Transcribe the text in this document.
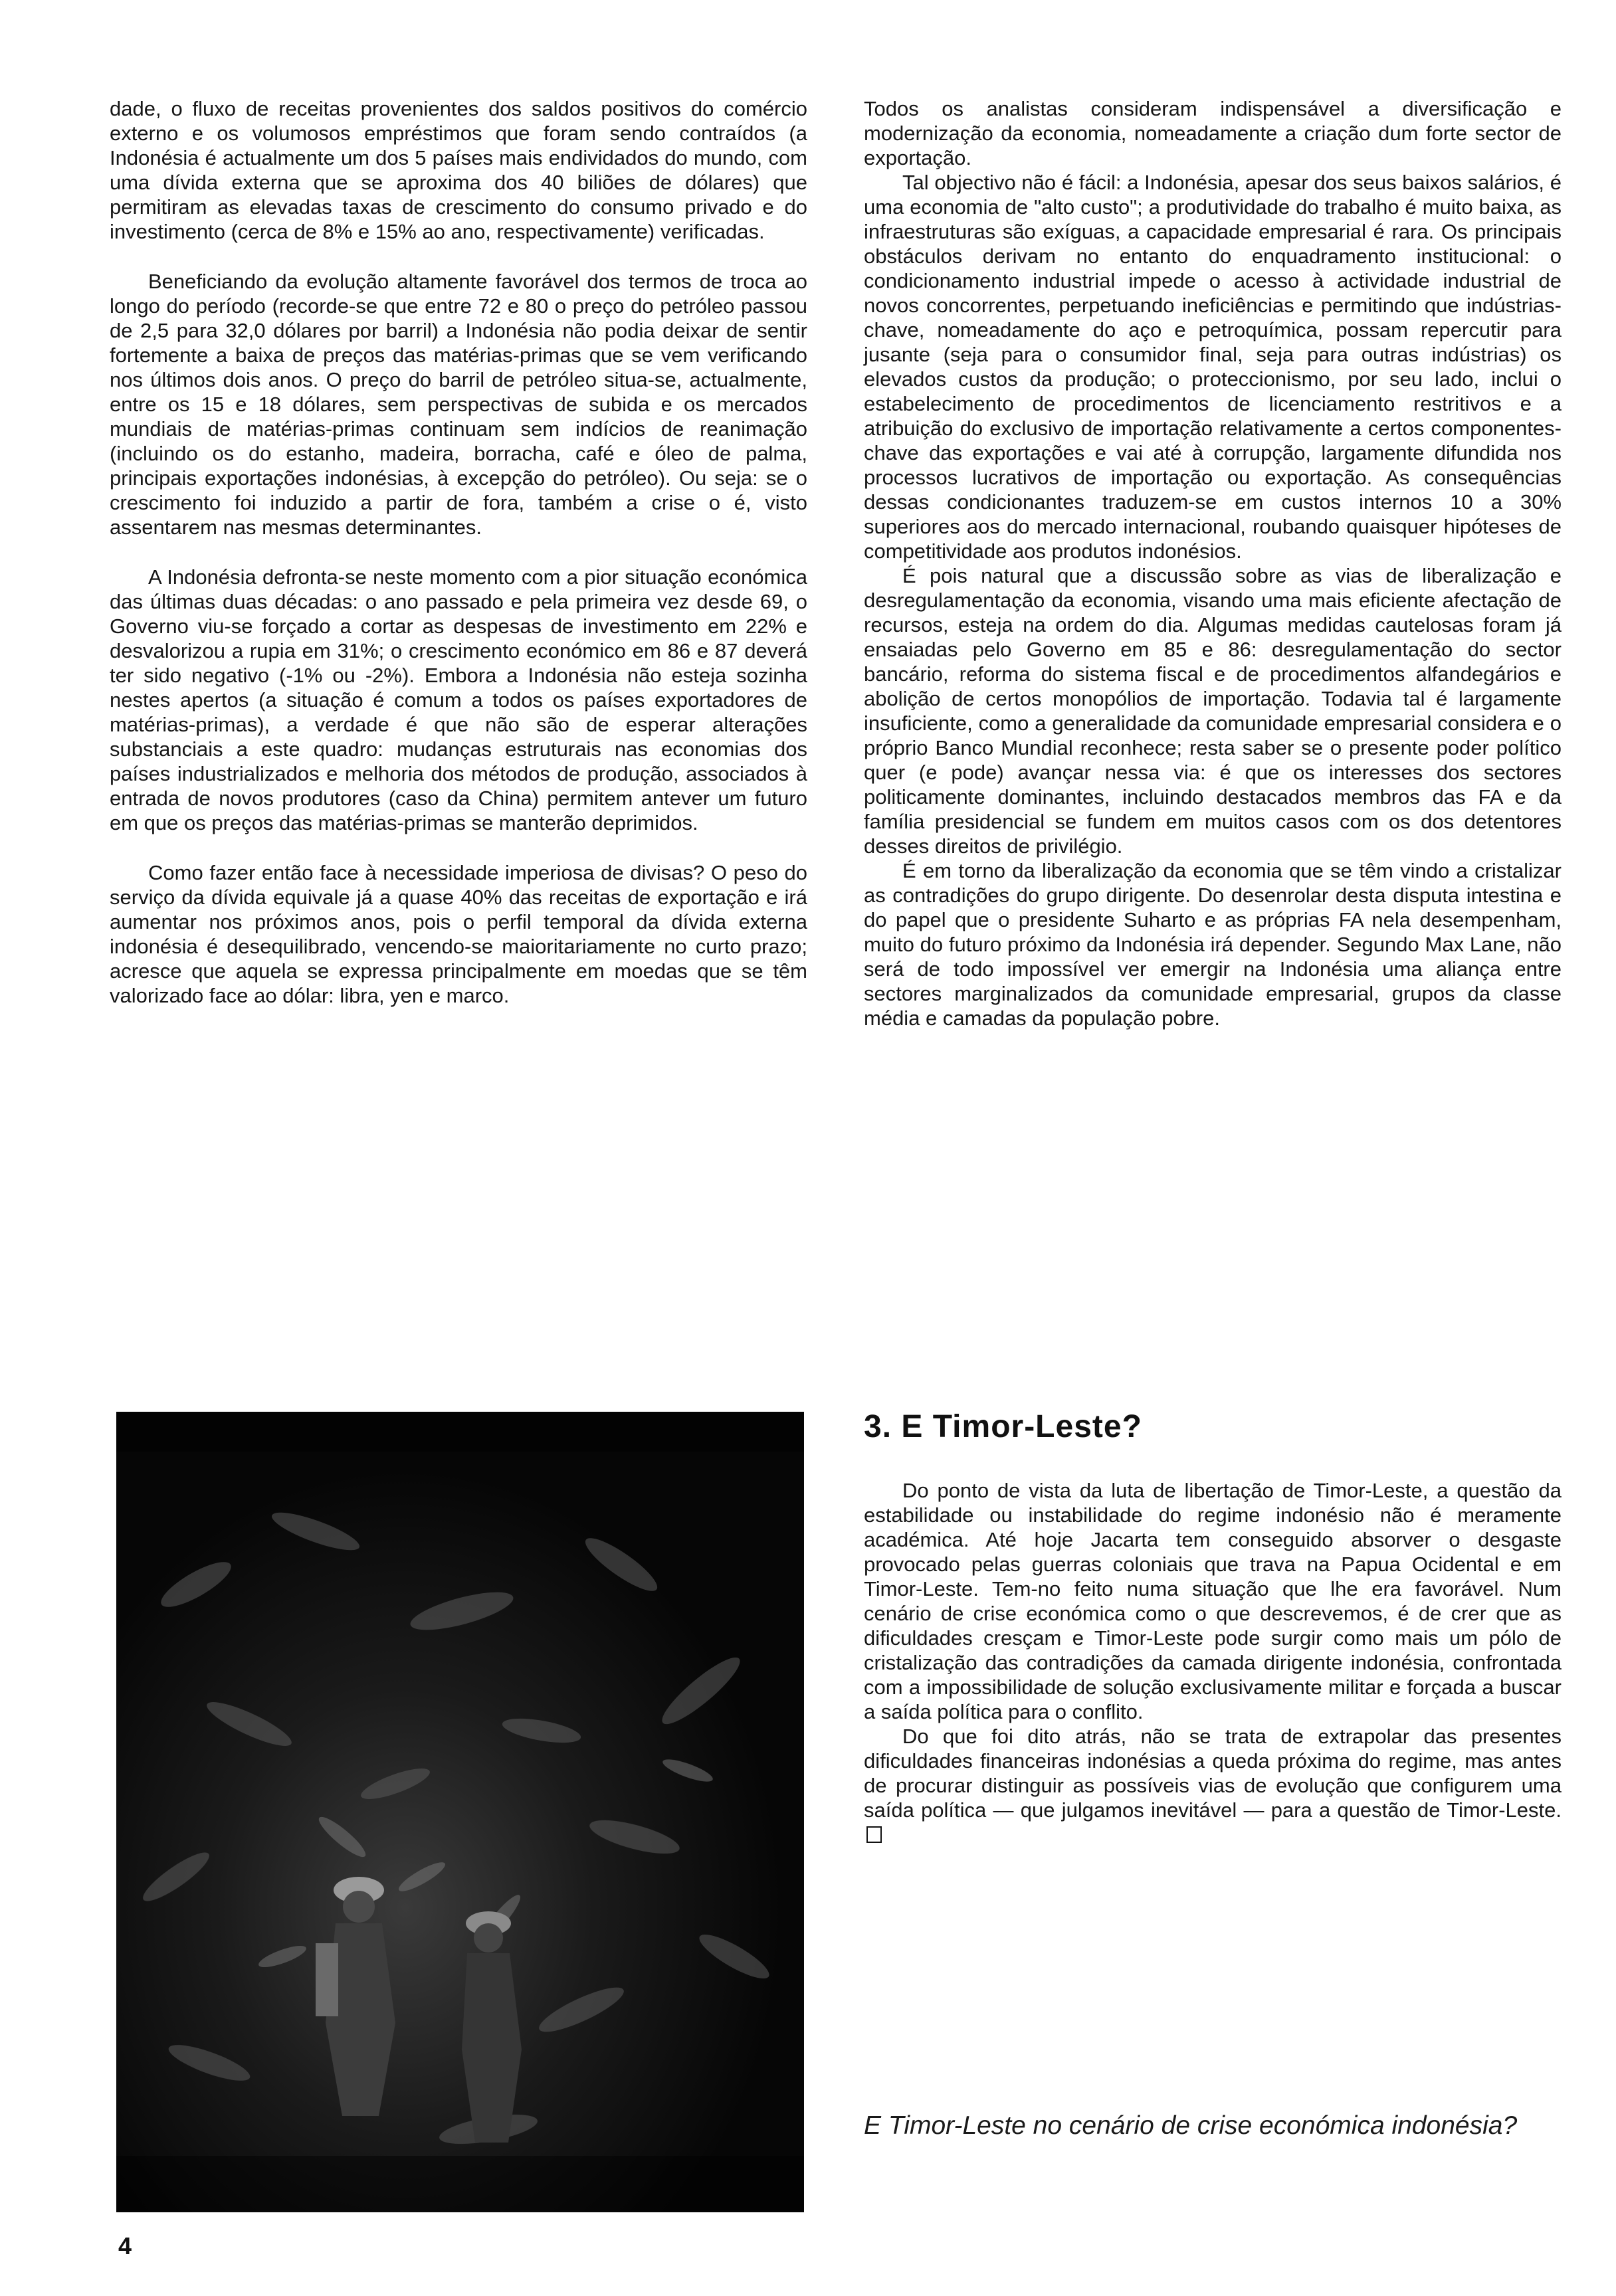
dade, o fluxo de receitas provenientes dos saldos positivos do comércio externo e os volumosos empréstimos que foram sendo contraídos (a Indonésia é actualmente um dos 5 países mais endividados do mundo, com uma dívida externa que se aproxima dos 40 biliões de dólares) que permitiram as elevadas taxas de crescimento do consumo privado e do investimento (cerca de 8% e 15% ao ano, respectivamente) verificadas.

Beneficiando da evolução altamente favorável dos termos de troca ao longo do período (recorde-se que entre 72 e 80 o preço do petróleo passou de 2,5 para 32,0 dólares por barril) a Indonésia não podia deixar de sentir fortemente a baixa de preços das matérias-primas que se vem verificando nos últimos dois anos. O preço do barril de petróleo situa-se, actualmente, entre os 15 e 18 dólares, sem perspectivas de subida e os mercados mundiais de matérias-primas continuam sem indícios de reanimação (incluindo os do estanho, madeira, borracha, café e óleo de palma, principais exportações indonésias, à excepção do petróleo). Ou seja: se o crescimento foi induzido a partir de fora, também a crise o é, visto assentarem nas mesmas determinantes.

A Indonésia defronta-se neste momento com a pior situação económica das últimas duas décadas: o ano passado e pela primeira vez desde 69, o Governo viu-se forçado a cortar as despesas de investimento em 22% e desvalorizou a rupia em 31%; o crescimento económico em 86 e 87 deverá ter sido negativo (-1% ou -2%). Embora a Indonésia não esteja sozinha nestes apertos (a situação é comum a todos os países exportadores de matérias-primas), a verdade é que não são de esperar alterações substanciais a este quadro: mudanças estruturais nas economias dos países industrializados e melhoria dos métodos de produção, associados à entrada de novos produtores (caso da China) permitem antever um futuro em que os preços das matérias-primas se manterão deprimidos.

Como fazer então face à necessidade imperiosa de divisas? O peso do serviço da dívida equivale já a quase 40% das receitas de exportação e irá aumentar nos próximos anos, pois o perfil temporal da dívida externa indonésia é desequilibrado, vencendo-se maioritariamente no curto prazo; acresce que aquela se expressa principalmente em moedas que se têm valorizado face ao dólar: libra, yen e marco.

Todos os analistas consideram indispensável a diversificação e modernização da economia, nomeadamente a criação dum forte sector de exportação.

Tal objectivo não é fácil: a Indonésia, apesar dos seus baixos salários, é uma economia de "alto custo"; a produtividade do trabalho é muito baixa, as infraestruturas são exíguas, a capacidade empresarial é rara. Os principais obstáculos derivam no entanto do enquadramento institucional: o condicionamento industrial impede o acesso à actividade industrial de novos concorrentes, perpetuando ineficiências e permitindo que indústrias-chave, nomeadamente do aço e petroquímica, possam repercutir para jusante (seja para o consumidor final, seja para outras indústrias) os elevados custos da produção; o proteccionismo, por seu lado, inclui o estabelecimento de procedimentos de licenciamento restritivos e a atribuição do exclusivo de importação relativamente a certos componentes-chave das exportações e vai até à corrupção, largamente difundida nos processos lucrativos de importação ou exportação. As consequências dessas condicionantes traduzem-se em custos internos 10 a 30% superiores aos do mercado internacional, roubando quaisquer hipóteses de competitividade aos produtos indonésios.

É pois natural que a discussão sobre as vias de liberalização e desregulamentação da economia, visando uma mais eficiente afectação de recursos, esteja na ordem do dia. Algumas medidas cautelosas foram já ensaiadas pelo Governo em 85 e 86: desregulamentação do sector bancário, reforma do sistema fiscal e de procedimentos alfandegários e abolição de certos monopólios de importação. Todavia tal é largamente insuficiente, como a generalidade da comunidade empresarial considera e o próprio Banco Mundial reconhece; resta saber se o presente poder político quer (e pode) avançar nessa via: é que os interesses dos sectores politicamente dominantes, incluindo destacados membros das FA e da família presidencial se fundem em muitos casos com os dos detentores desses direitos de privilégio.

É em torno da liberalização da economia que se têm vindo a cristalizar as contradições do grupo dirigente. Do desenrolar desta disputa intestina e do papel que o presidente Suharto e as próprias FA nela desempenham, muito do futuro próximo da Indonésia irá depender. Segundo Max Lane, não será de todo impossível ver emergir na Indonésia uma aliança entre sectores marginalizados da comunidade empresarial, grupos da classe média e camadas da população pobre.

3. E Timor-Leste?

Do ponto de vista da luta de libertação de Timor-Leste, a questão da estabilidade ou instabilidade do regime indonésio não é meramente académica. Até hoje Jacarta tem conseguido absorver o desgaste provocado pelas guerras coloniais que trava na Papua Ocidental e em Timor-Leste. Tem-no feito numa situação que lhe era favorável. Num cenário de crise económica como o que descrevemos, é de crer que as dificuldades cresçam e Timor-Leste pode surgir como mais um pólo de cristalização das contradições da camada dirigente indonésia, confrontada com a impossibilidade de solução exclusivamente militar e forçada a buscar a saída política para o conflito.

Do que foi dito atrás, não se trata de extrapolar das presentes dificuldades financeiras indonésias a queda próxima do regime, mas antes de procurar distinguir as possíveis vias de evolução que configurem uma saída política — que julgamos inevitável — para a questão de Timor-Leste.

E Timor-Leste no cenário de crise económica indonésia?

4
